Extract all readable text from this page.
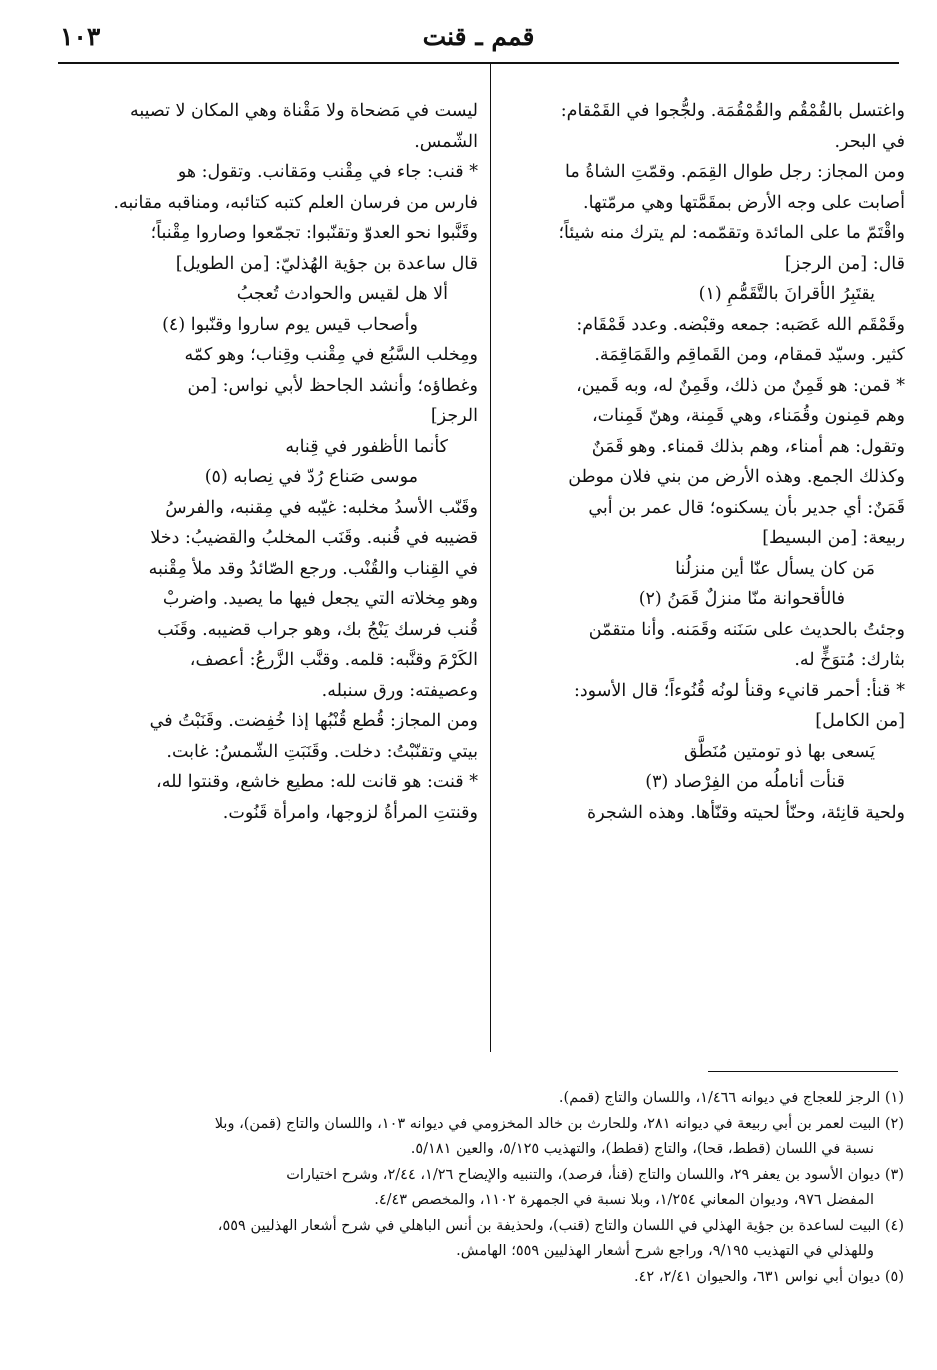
قمم ـ قنت
١٠٣
واغتسل بالقُمْقُم والقُمْقُمَة. ولجُّجوا في القَمْقام:
في البحر.
ومن المجاز: رجل طوال القِمَم. وقمّتِ الشاةُ ما
أصابت على وجه الأرض بمقَمَّتها وهي مرمّتها.
واقْتَمّ ما على المائدة وتقمّمه: لم يترك منه شيئاً؛
قال: [من الرجز]
يقتَبِرُ الأقرانَ بالتَّقَمُّمِ (١)
وقَمْقَم الله عَصَبه: جمعه وقبْضه. وعدد قَمْقَام:
كثير. وسيّد قمقام، ومن القَماقِم والقَمَاقِمَة.
* قمن: هو قَمِنٌ من ذلك، وقَمِنٌ له، وبه قَمين،
وهم قمِنون وقُمَناء، وهي قَمِنة، وهنّ قَمِنات،
وتقول: هم أمناء، وهم بذلك قمناء. وهو قَمَنٌ
وكذلك الجمع. وهذه الأرض من بني فلان موطن
قَمَنٌ: أي جدير بأن يسكنوه؛ قال عمر بن أبي
ربيعة: [من البسيط]
مَن كان يسأل عنّا أين منزلُنا
فالأقحوانة منّا منزلٌ قَمَنُ (٢)
وجئتُ بالحديث على سَنَنه وقَمَنه. وأنا متقمّن
بثارك: مُتوَخٍّ له.
* قنأ: أحمر قانيء وقنأ لونُه قُنُوءاً؛ قال الأسود:
[من الكامل]
يَسعى بها ذو تومتين مُنَطَّق
قنأت أناملُه من الفِرْصاد (٣)
ولحية قانِئة، وحنّأ لحيته وقنّأها. وهذه الشجرة
ليست في مَضحاة ولا مَقْناة وهي المكان لا تصيبه
الشّمس.
* قنب: جاء في مِقْنب ومَقانب. وتقول: هو
فارس من فرسان العلم كتبه كتائبه، ومناقبه مقانبه.
وقَنَّبوا نحو العدوّ وتقنّبوا: تجمّعوا وصاروا مِقْنباً؛
قال ساعدة بن جؤية الهُذليّ: [من الطويل]
ألا هل لقيس والحوادث تُعجبُ
وأصحاب قيس يوم ساروا وقنّبوا (٤)
ومِخلب السَّبُع في مِقْنب وقِناب؛ وهو كمّه
وغطاؤه؛ وأنشد الجاحظ لأبي نواس: [من
الرجز]
كأنما الأظفور في قِنابه
موسى صَناع رُدّ في نِصابه (٥)
وقَنّب الأسدُ مخلبه: غيّبه في مِقنبه، والفرسُ
قضيبه في قُنبه. وقَنَب المخلبُ والقضيبُ: دخلا
في القِناب والقُنْب. ورجع الصّائدُ وقد ملأ مِقْنبه
وهو مِخلاته التي يجعل فيها ما يصيد. واضربْ
قُنب فرسك يَنْجُ بك، وهو جراب قضيبه. وقَنَب
الكَرْمَ وقنَّبه: قلمه. وقنَّب الزَّرعُ: أعصف،
وعصيفته: ورق سنبله.
ومن المجاز: قُطع قُنْبُها إذا خُفِضت. وقَنَبْتُ في
بيتي وتقنّبْتُ: دخلت. وقَنَبَتِ الشّمسُ: غابت.
* قنت: هو قانت لله: مطيع خاشع، وقنتوا لله،
وقنتتِ المرأةُ لزوجها، وامرأة قَنُوت.
(١) الرجز للعجاج في ديوانه ١/٤٦٦، واللسان والتاج (قمم).
(٢) البيت لعمر بن أبي ربيعة في ديوانه ٢٨١، وللحارث بن خالد المخزومي في ديوانه ١٠٣، واللسان والتاج (قمن)، وبلا
نسبة في اللسان (قطط، قحا)، والتاج (قطط)، والتهذيب ٥/١٢٥، والعين ٥/١٨١.
(٣) ديوان الأسود بن يعفر ٢٩، واللسان والتاج (قنأ، فرصد)، والتنبيه والإيضاح ١/٢٦، ٢/٤٤، وشرح اختيارات
المفضل ٩٧٦، وديوان المعاني ١/٢٥٤، وبلا نسبة في الجمهرة ١١٠٢، والمخصص ٤/٤٣.
(٤) البيت لساعدة بن جؤية الهذلي في اللسان والتاج (قنب)، ولحذيفة بن أنس الباهلي في شرح أشعار الهذليين ٥٥٩،
وللهذلي في التهذيب ٩/١٩٥، وراجع شرح أشعار الهذليين ٥٥٩؛ الهامش.
(٥) ديوان أبي نواس ٦٣١، والحيوان ٢/٤١، ٤٢.
